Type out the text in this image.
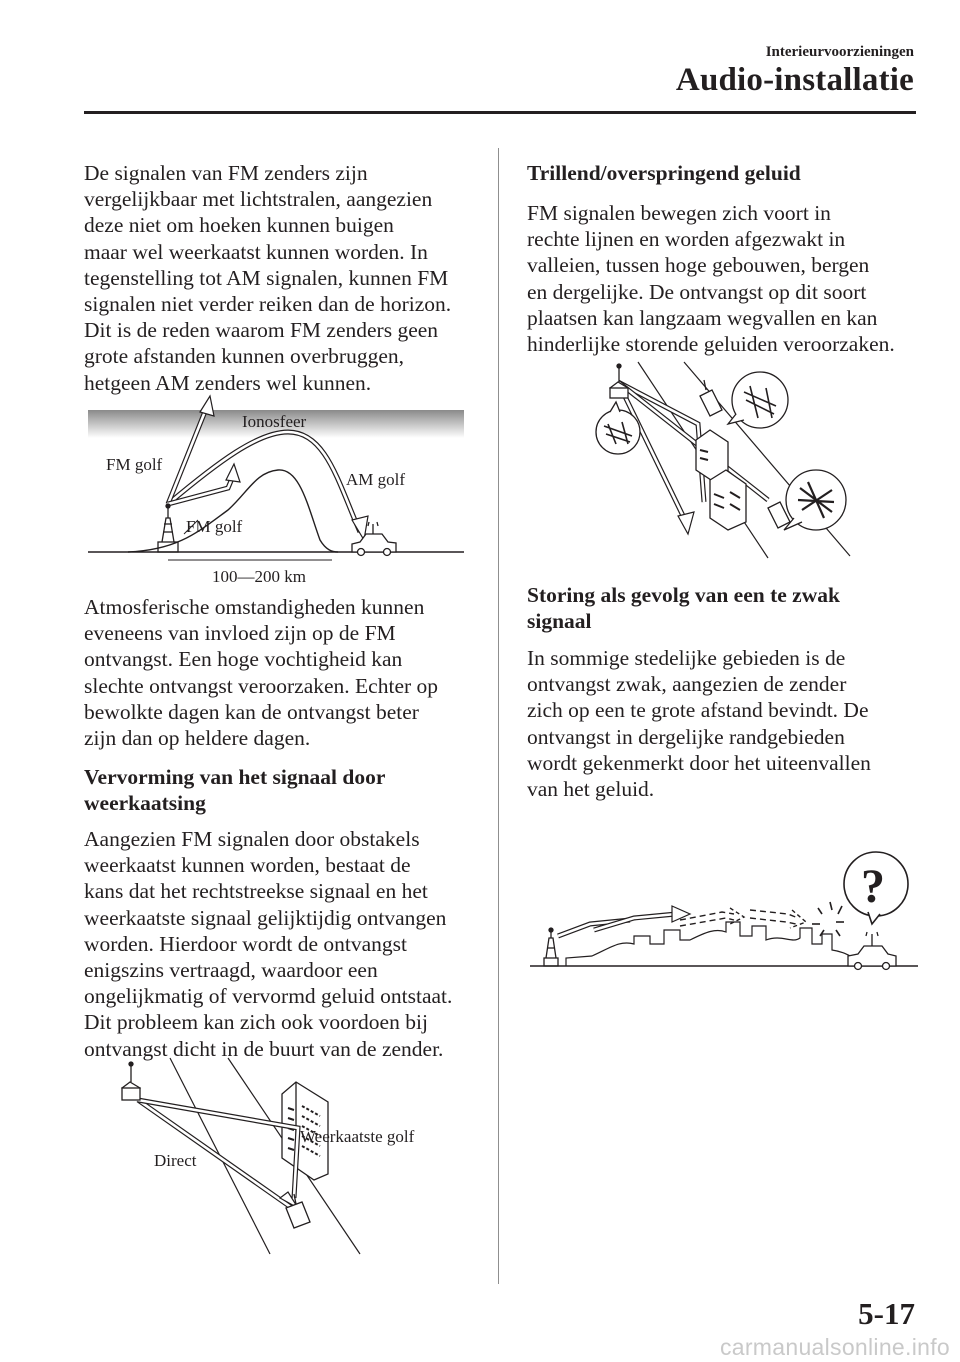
Interieurvoorzieningen
Audio-installatie
De signalen van FM zenders zijn
vergelijkbaar met lichtstralen, aangezien
deze niet om hoeken kunnen buigen
maar wel weerkaatst kunnen worden. In
tegenstelling tot AM signalen, kunnen FM
signalen niet verder reiken dan de horizon.
Dit is de reden waarom FM zenders geen
grote afstanden kunnen overbruggen,
hetgeen AM zenders wel kunnen.
Ionosfeer
FM golf
AM golf
FM golf
100—200 km
Atmosferische omstandigheden kunnen
eveneens van invloed zijn op de FM
ontvangst. Een hoge vochtigheid kan
slechte ontvangst veroorzaken. Echter op
bewolkte dagen kan de ontvangst beter
zijn dan op heldere dagen.
Vervorming van het signaal door
weerkaatsing
Aangezien FM signalen door obstakels
weerkaatst kunnen worden, bestaat de
kans dat het rechtstreekse signaal en het
weerkaatste signaal gelijktijdig ontvangen
worden. Hierdoor wordt de ontvangst
enigszins vertraagd, waardoor een
ongelijkmatig of vervormd geluid ontstaat.
Dit probleem kan zich ook voordoen bij
ontvangst dicht in de buurt van de zender.
Direct
Weerkaatste golf
Trillend/overspringend geluid
FM signalen bewegen zich voort in
rechte lijnen en worden afgezwakt in
valleien, tussen hoge gebouwen, bergen
en dergelijke. De ontvangst op dit soort
plaatsen kan langzaam wegvallen en kan
hinderlijke storende geluiden veroorzaken.
Storing als gevolg van een te zwak
signaal
In sommige stedelijke gebieden is de
ontvangst zwak, aangezien de zender
zich op een te grote afstand bevindt. De
ontvangst in dergelijke randgebieden
wordt gekenmerkt door het uiteenvallen
van het geluid.
?
5-17
carmanualsonline.info
